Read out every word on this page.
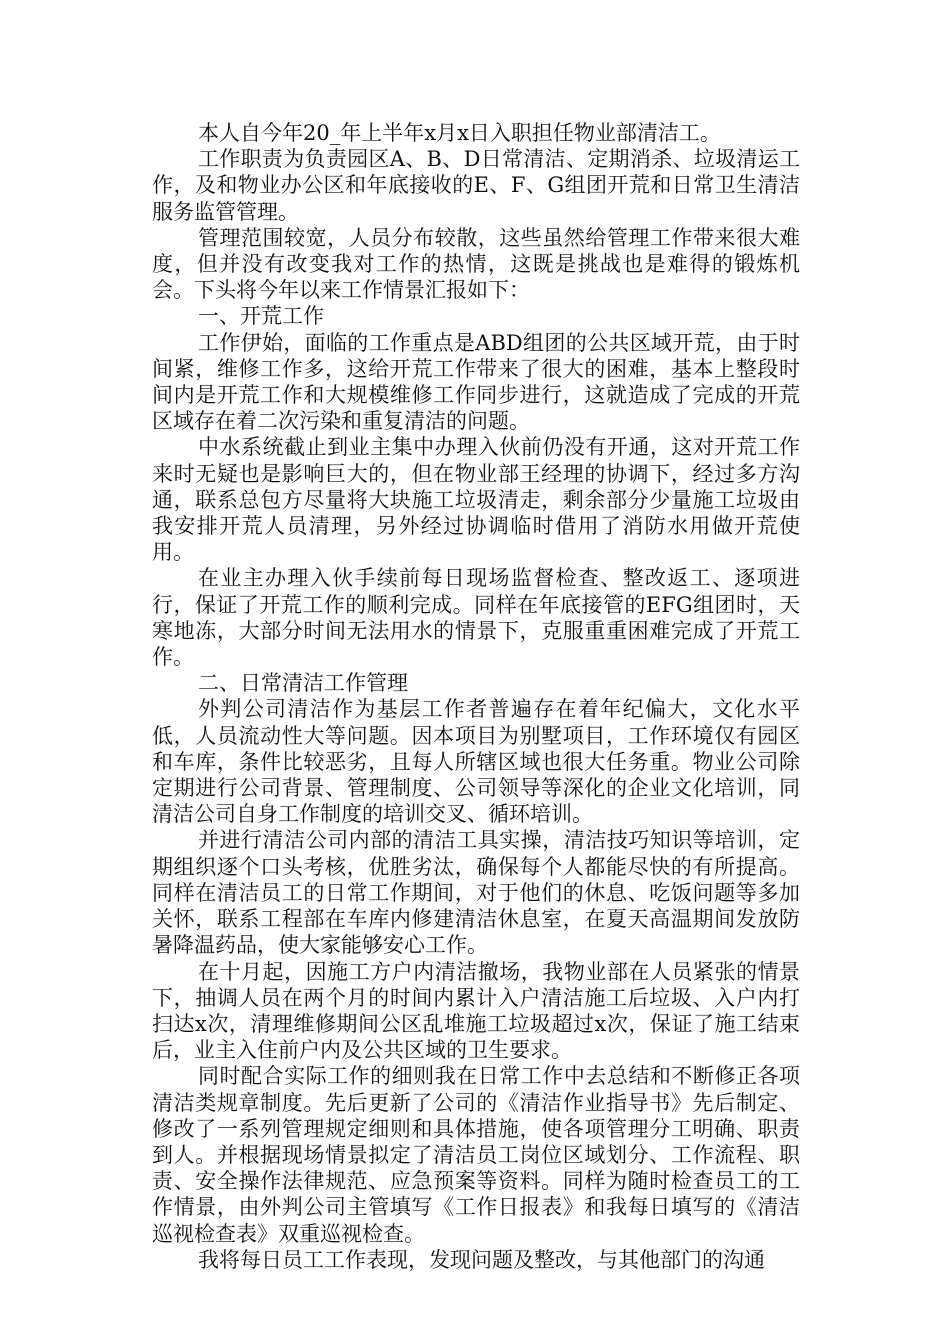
本人自今年20_年上半年x月x日入职担任物业部清洁工。

工作职责为负责园区A、B、D日常清洁、定期消杀、垃圾清运工作，及和物业办公区和年底接收的E、F、G组团开荒和日常卫生清洁服务监管管理。

管理范围较宽，人员分布较散，这些虽然给管理工作带来很大难度，但并没有改变我对工作的热情，这既是挑战也是难得的锻炼机会。下头将今年以来工作情景汇报如下：

一、开荒工作

工作伊始，面临的工作重点是ABD组团的公共区域开荒，由于时间紧，维修工作多，这给开荒工作带来了很大的困难，基本上整段时间内是开荒工作和大规模维修工作同步进行，这就造成了完成的开荒区域存在着二次污染和重复清洁的问题。

中水系统截止到业主集中办理入伙前仍没有开通，这对开荒工作来时无疑也是影响巨大的，但在物业部王经理的协调下，经过多方沟通，联系总包方尽量将大块施工垃圾清走，剩余部分少量施工垃圾由我安排开荒人员清理，另外经过协调临时借用了消防水用做开荒使用。

在业主办理入伙手续前每日现场监督检查、整改返工、逐项进行，保证了开荒工作的顺利完成。同样在年底接管的EFG组团时，天寒地冻，大部分时间无法用水的情景下，克服重重困难完成了开荒工作。

二、日常清洁工作管理

外判公司清洁作为基层工作者普遍存在着年纪偏大，文化水平低，人员流动性大等问题。因本项目为别墅项目，工作环境仅有园区和车库，条件比较恶劣，且每人所辖区域也很大任务重。物业公司除定期进行公司背景、管理制度、公司领导等深化的企业文化培训，同清洁公司自身工作制度的培训交叉、循环培训。

并进行清洁公司内部的清洁工具实操，清洁技巧知识等培训，定期组织逐个口头考核，优胜劣汰，确保每个人都能尽快的有所提高。同样在清洁员工的日常工作期间，对于他们的休息、吃饭问题等多加关怀，联系工程部在车库内修建清洁休息室，在夏天高温期间发放防暑降温药品，使大家能够安心工作。

在十月起，因施工方户内清洁撤场，我物业部在人员紧张的情景下，抽调人员在两个月的时间内累计入户清洁施工后垃圾、入户内打扫达x次，清理维修期间公区乱堆施工垃圾超过x次，保证了施工结束后，业主入住前户内及公共区域的卫生要求。

同时配合实际工作的细则我在日常工作中去总结和不断修正各项清洁类规章制度。先后更新了公司的《清洁作业指导书》先后制定、修改了一系列管理规定细则和具体措施，使各项管理分工明确、职责到人。并根据现场情景拟定了清洁员工岗位区域划分、工作流程、职责、安全操作法律规范、应急预案等资料。同样为随时检查员工的工作情景，由外判公司主管填写《工作日报表》和我每日填写的《清洁巡视检查表》双重巡视检查。

我将每日员工工作表现，发现问题及整改，与其他部门的沟通
